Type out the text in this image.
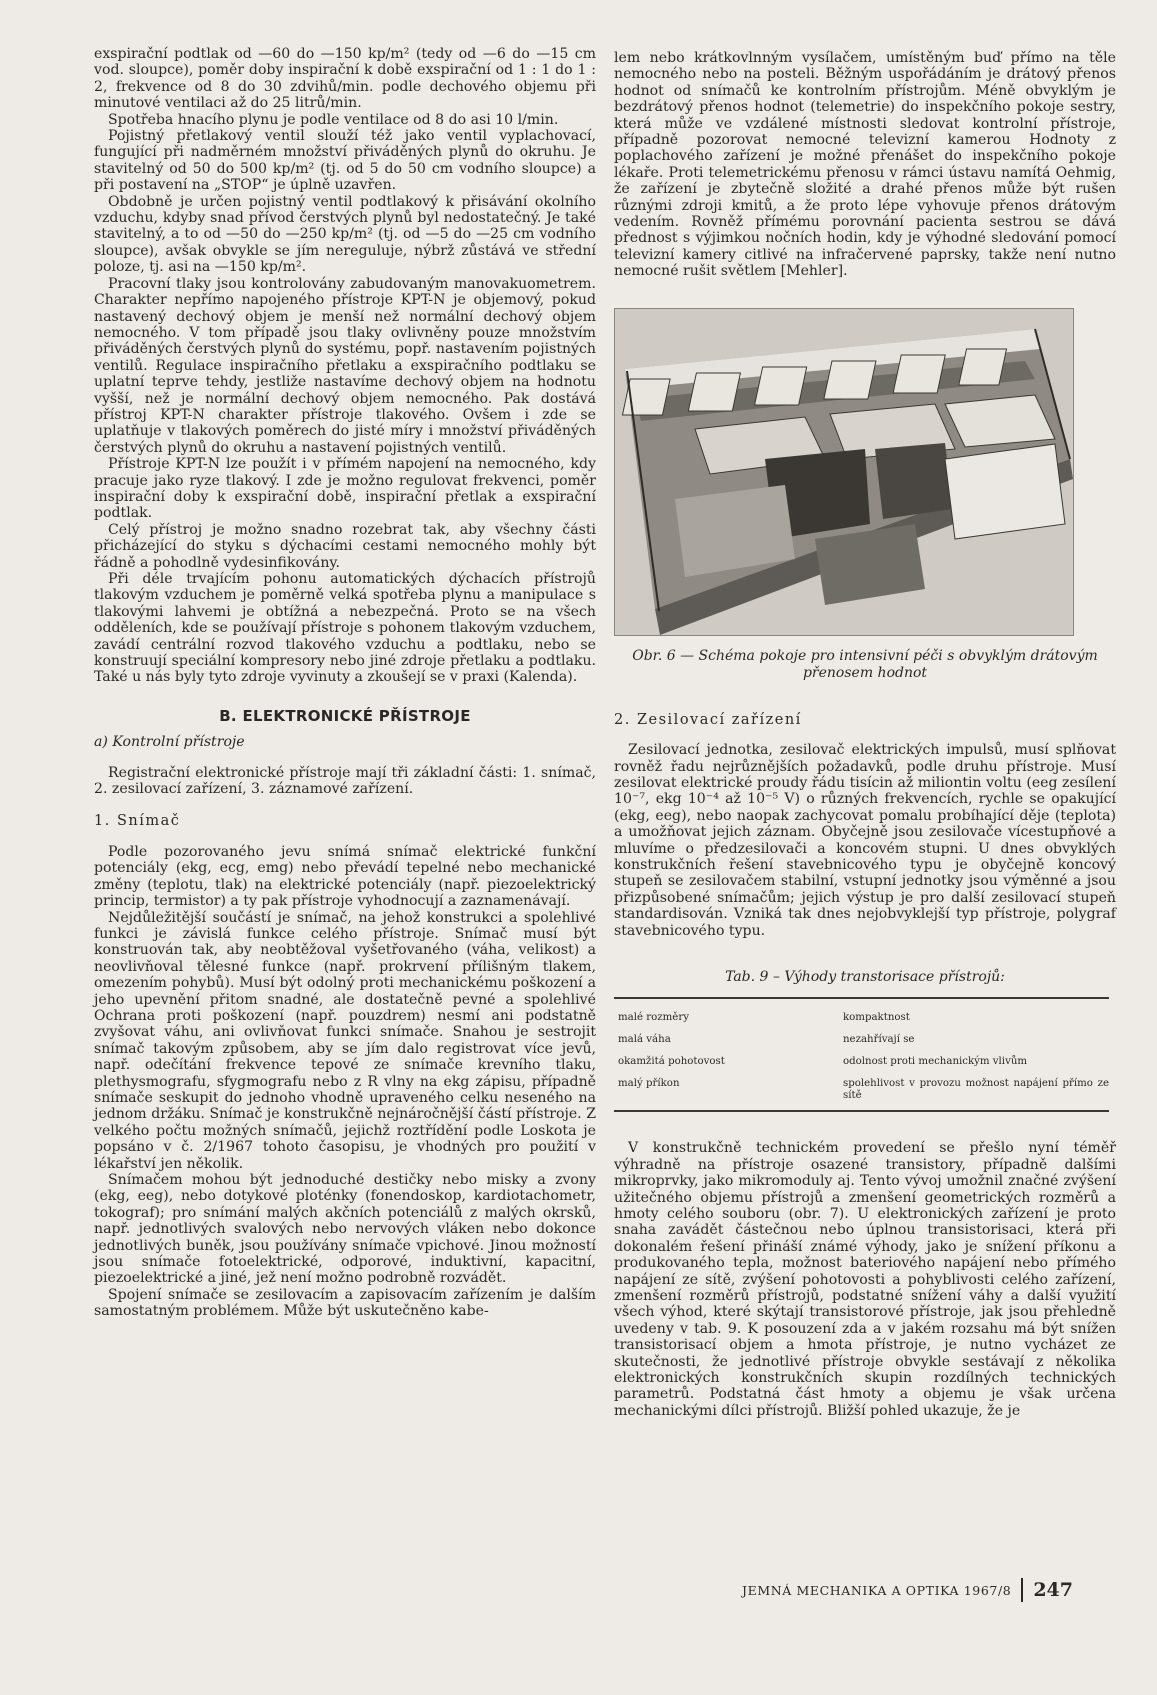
exspirační podtlak od —60 do —150 kp/m² (tedy od —6 do —15 cm vod. sloupce), poměr doby inspirační k době exspirační od 1 : 1 do 1 : 2, frekvence od 8 do 30 zdvihů/min. podle dechového objemu při minutové ventilaci až do 25 litrů/min.

Spotřeba hnacího plynu je podle ventilace od 8 do asi 10 l/min.

Pojistný přetlakový ventil slouží též jako ventil vyplachovací, fungující při nadměrném množství přiváděných plynů do okruhu. Je stavitelný od 50 do 500 kp/m² (tj. od 5 do 50 cm vodního sloupce) a při postavení na „STOP“ je úplně uzavřen.

Obdobně je určen pojistný ventil podtlakový k přisávání okolního vzduchu, kdyby snad přívod čerstvých plynů byl nedostatečný. Je také stavitelný, a to od —50 do —250 kp/m² (tj. od —5 do —25 cm vodního sloupce), avšak obvykle se jím nereguluje, nýbrž zůstává ve střední poloze, tj. asi na —150 kp/m².

Pracovní tlaky jsou kontrolovány zabudovaným manovakuometrem. Charakter nepřímo napojeného přístroje KPT-N je objemový, pokud nastavený dechový objem je menší než normální dechový objem nemocného. V tom případě jsou tlaky ovlivněny pouze množstvím přiváděných čerstvých plynů do systému, popř. nastavením pojistných ventilů. Regulace inspiračního přetlaku a exspiračního podtlaku se uplatní teprve tehdy, jestliže nastavíme dechový objem na hodnotu vyšší, než je normální dechový objem nemocného. Pak dostává přístroj KPT-N charakter přístroje tlakového. Ovšem i zde se uplatňuje v tlakových poměrech do jisté míry i množství přiváděných čerstvých plynů do okruhu a nastavení pojistných ventilů.

Přístroje KPT-N lze použít i v přímém napojení na nemocného, kdy pracuje jako ryze tlakový. I zde je možno regulovat frekvenci, poměr inspirační doby k exspirační době, inspirační přetlak a exspirační podtlak.

Celý přístroj je možno snadno rozebrat tak, aby všechny části přicházející do styku s dýchacími cestami nemocného mohly být řádně a pohodlně vydesinfikovány.

Při déle trvajícím pohonu automatických dýchacích přístrojů tlakovým vzduchem je poměrně velká spotřeba plynu a manipulace s tlakovými lahvemi je obtížná a nebezpečná. Proto se na všech odděleních, kde se používají přístroje s pohonem tlakovým vzduchem, zavádí centrální rozvod tlakového vzduchu a podtlaku, nebo se konstruují speciální kompresory nebo jiné zdroje přetlaku a podtlaku. Také u nás byly tyto zdroje vyvinuty a zkoušejí se v praxi (Kalenda).

B. ELEKTRONICKÉ PŘÍSTROJE
a) Kontrolní přístroje

Registrační elektronické přístroje mají tři základní části: 1. snímač, 2. zesilovací zařízení, 3. záznamové zařízení.

1. Snímač

Podle pozorovaného jevu snímá snímač elektrické funkční potenciály (ekg, ecg, emg) nebo převádí tepelné nebo mechanické změny (teplotu, tlak) na elektrické potenciály (např. piezoelektrický princip, termistor) a ty pak přístroje vyhodnocují a zaznamenávají.

Nejdůležitější součástí je snímač, na jehož konstrukci a spolehlivé funkci je závislá funkce celého přístroje. Snímač musí být konstruován tak, aby neobtěžoval vyšetřovaného (váha, velikost) a neovlivňoval tělesné funkce (např. prokrvení přílišným tlakem, omezením pohybů). Musí být odolný proti mechanickému poškození a jeho upevnění přitom snadné, ale dostatečně pevné a spolehlivé Ochrana proti poškození (např. pouzdrem) nesmí ani podstatně zvyšovat váhu, ani ovlivňovat funkci snímače. Snahou je sestrojit snímač takovým způsobem, aby se jím dalo registrovat více jevů, např. odečítání frekvence tepové ze snímače krevního tlaku, plethysmografu, sfygmografu nebo z R vlny na ekg zápisu, případně snímače seskupit do jednoho vhodně upraveného celku neseného na jednom držáku. Snímač je konstrukčně nejnáročnější částí přístroje. Z velkého počtu možných snímačů, jejichž roztřídění podle Loskota je popsáno v č. 2/1967 tohoto časopisu, je vhodných pro použití v lékařství jen několik.

Snímačem mohou být jednoduché destičky nebo misky a zvony (ekg, eeg), nebo dotykové ploténky (fonendoskop, kardiotachometr, tokograf); pro snímání malých akčních potenciálů z malých okrsků, např. jednotlivých svalových nebo nervových vláken nebo dokonce jednotlivých buněk, jsou používány snímače vpichové. Jinou možností jsou snímače fotoelektrické, odporové, induktivní, kapacitní, piezoelektrické a jiné, jež není možno podrobně rozvádět.

Spojení snímače se zesilovacím a zapisovacím zařízením je dalším samostatným problémem. Může být uskutečněno kabe-

lem nebo krátkovlnným vysílačem, umístěným buď přímo na těle nemocného nebo na posteli. Běžným uspořádáním je drátový přenos hodnot od snímačů ke kontrolním přístrojům. Méně obvyklým je bezdrátový přenos hodnot (telemetrie) do inspekčního pokoje sestry, která může ve vzdálené místnosti sledovat kontrolní přístroje, případně pozorovat nemocné televizní kamerou Hodnoty z poplachového zařízení je možné přenášet do inspekčního pokoje lékaře. Proti telemetrickému přenosu v rámci ústavu namítá Oehmig, že zařízení je zbytečně složité a drahé přenos může být rušen různými zdroji kmitů, a že proto lépe vyhovuje přenos drátovým vedením. Rovněž přímému porovnání pacienta sestrou se dává přednost s výjimkou nočních hodin, kdy je výhodné sledování pomocí televizní kamery citlivé na infračervené paprsky, takže není nutno nemocné rušit světlem [Mehler].

Obr. 6 — Schéma pokoje pro intensivní péči s obvyklým drátovým přenosem hodnot
2. Zesilovací zařízení

Zesilovací jednotka, zesilovač elektrických impulsů, musí splňovat rovněž řadu nejrůznějších požadavků, podle druhu přístroje. Musí zesilovat elektrické proudy řádu tisícin až miliontin voltu (eeg zesílení 10⁻⁷, ekg 10⁻⁴ až 10⁻⁵ V) o různých frekvencích, rychle se opakující (ekg, eeg), nebo naopak zachycovat pomalu probíhající děje (teplota) a umožňovat jejich záznam. Obyčejně jsou zesilovače vícestupňové a mluvíme o předzesilovači a koncovém stupni. U dnes obvyklých konstrukčních řešení stavebnicového typu je obyčejně koncový stupeň se zesilovačem stabilní, vstupní jednotky jsou výměnné a jsou přizpůsobené snímačům; jejich výstup je pro další zesilovací stupeň standardisován. Vzniká tak dnes nejobvyklejší typ přístroje, polygraf stavebnicového typu.

Tab. 9 – Výhody transtorisace přístrojů:
malé rozměry	kompaktnost
malá váha	nezahřívají se
okamžitá pohotovost	odolnost proti mechanickým vlivům
malý příkon	spolehlivost v provozu možnost napájení přímo ze sítě

V konstrukčně technickém provedení se přešlo nyní téměř výhradně na přístroje osazené transistory, případně dalšími mikroprvky, jako mikromoduly aj. Tento vývoj umožnil značné zvýšení užitečného objemu přístrojů a zmenšení geometrických rozměrů a hmoty celého souboru (obr. 7). U elektronických zařízení je proto snaha zavádět částečnou nebo úplnou transistorisaci, která při dokonalém řešení přináší známé výhody, jako je snížení příkonu a produkovaného tepla, možnost bateriového napájení nebo přímého napájení ze sítě, zvýšení pohotovosti a pohyblivosti celého zařízení, zmenšení rozměrů přístrojů, podstatné snížení váhy a další využití všech výhod, které skýtají transistorové přístroje, jak jsou přehledně uvedeny v tab. 9. K posouzení zda a v jakém rozsahu má být snížen transistorisací objem a hmota přístroje, je nutno vycházet ze skutečnosti, že jednotlivé přístroje obvykle sestávají z několika elektronických konstrukčních skupin rozdílných technických parametrů. Podstatná část hmoty a objemu je však určena mechanickými dílci přístrojů. Bližší pohled ukazuje, že je

JEMNÁ MECHANIKA A OPTIKA 1967/8 247
